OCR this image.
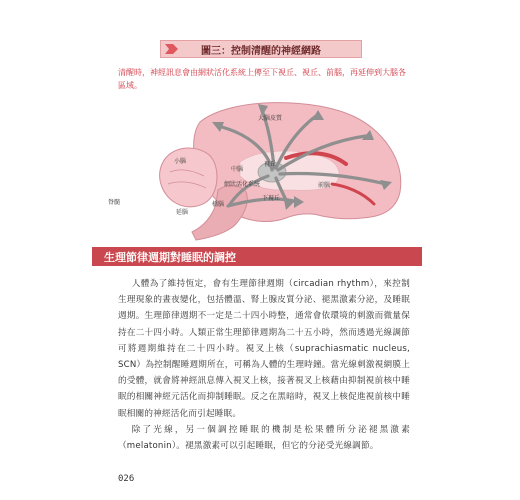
圖三：控制清醒的神經網路
清醒時，神經訊息會由網狀活化系統上傳至下視丘、視丘、前腦，再延伸到大腦各區域。
大腦皮質
小腦
中腦
視丘
網狀活化系統	前腦
下視丘
橋腦
延腦
脊髓
生理節律週期對睡眠的調控

人體為了維持恆定，會有生理節律週期（circadian rhythm），來控制生理現象的晝夜變化，包括體溫、腎上腺皮質分泌、褪黑激素分泌，及睡眠週期。生理節律週期不一定是二十四小時整，通常會依環境的刺激而微量保持在二十四小時。人類正常生理節律週期為二十五小時，然而透過光線調節可將週期維持在二十四小時。視叉上核（suprachiasmatic nucleus, SCN）為控制醒睡週期所在，可稱為人體的生理時鐘。當光線刺激視網膜上的受體，就會將神經訊息傳入視叉上核，接著視叉上核藉由抑制視前核中睡眠的相關神經元活化而抑制睡眠。反之在黑暗時，視叉上核促進視前核中睡眠相關的神經活化而引起睡眠。

除了光線，另一個調控睡眠的機制是松果體所分泌褪黑激素（melatonin）。褪黑激素可以引起睡眠，但它的分泌受光線調節。

026
